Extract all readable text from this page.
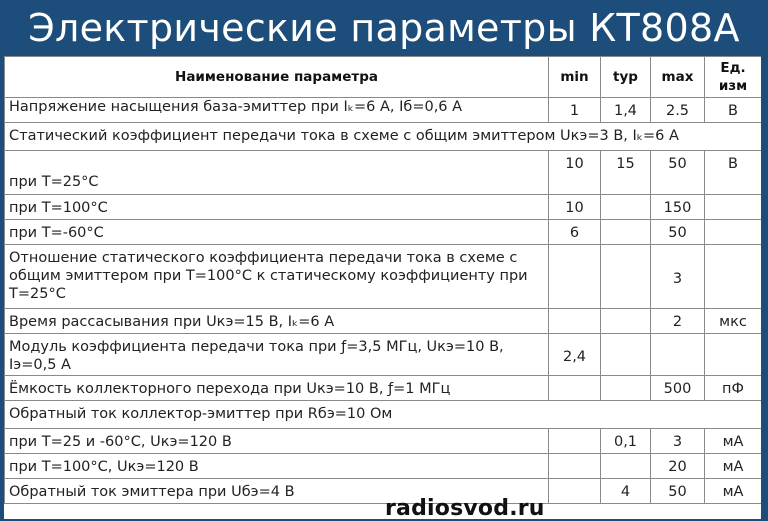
Электрические параметры КТ808А
Наименование параметра	min	typ	max	Ед. изм
Напряжение насыщения база-эмиттер при Iₖ=6 А, Iб=0,6 А	1	1,4	2.5	В
Статический коэффициент передачи тока в схеме с общим эмиттером Uкэ=3 В, Iₖ=6 А				
при Т=25°С	10	15	50	В
при Т=100°С	10		150	
при Т=-60°С	6		50	
Отношение статического коэффициента передачи тока в схеме с общим эмиттером при Т=100°С к статическому коэффициенту при Т=25°С			3	
Время рассасывания при Uкэ=15 В, Iₖ=6 А			2	мкс
Модуль коэффициента передачи тока при ƒ=3,5 МГц, Uкэ=10 В, Iэ=0,5 А	2,4			
Ёмкость коллекторного перехода при Uкэ=10 В, ƒ=1 МГц			500	пФ
Обратный ток коллектор-эмиттер при Rбэ=10 Ом				
при Т=25 и -60°С, Uкэ=120 В		0,1	3	мА
при Т=100°С, Uкэ=120 В			20	мА
Обратный ток эмиттера при Uбэ=4 В		4	50	мА
radiosvod.ru
